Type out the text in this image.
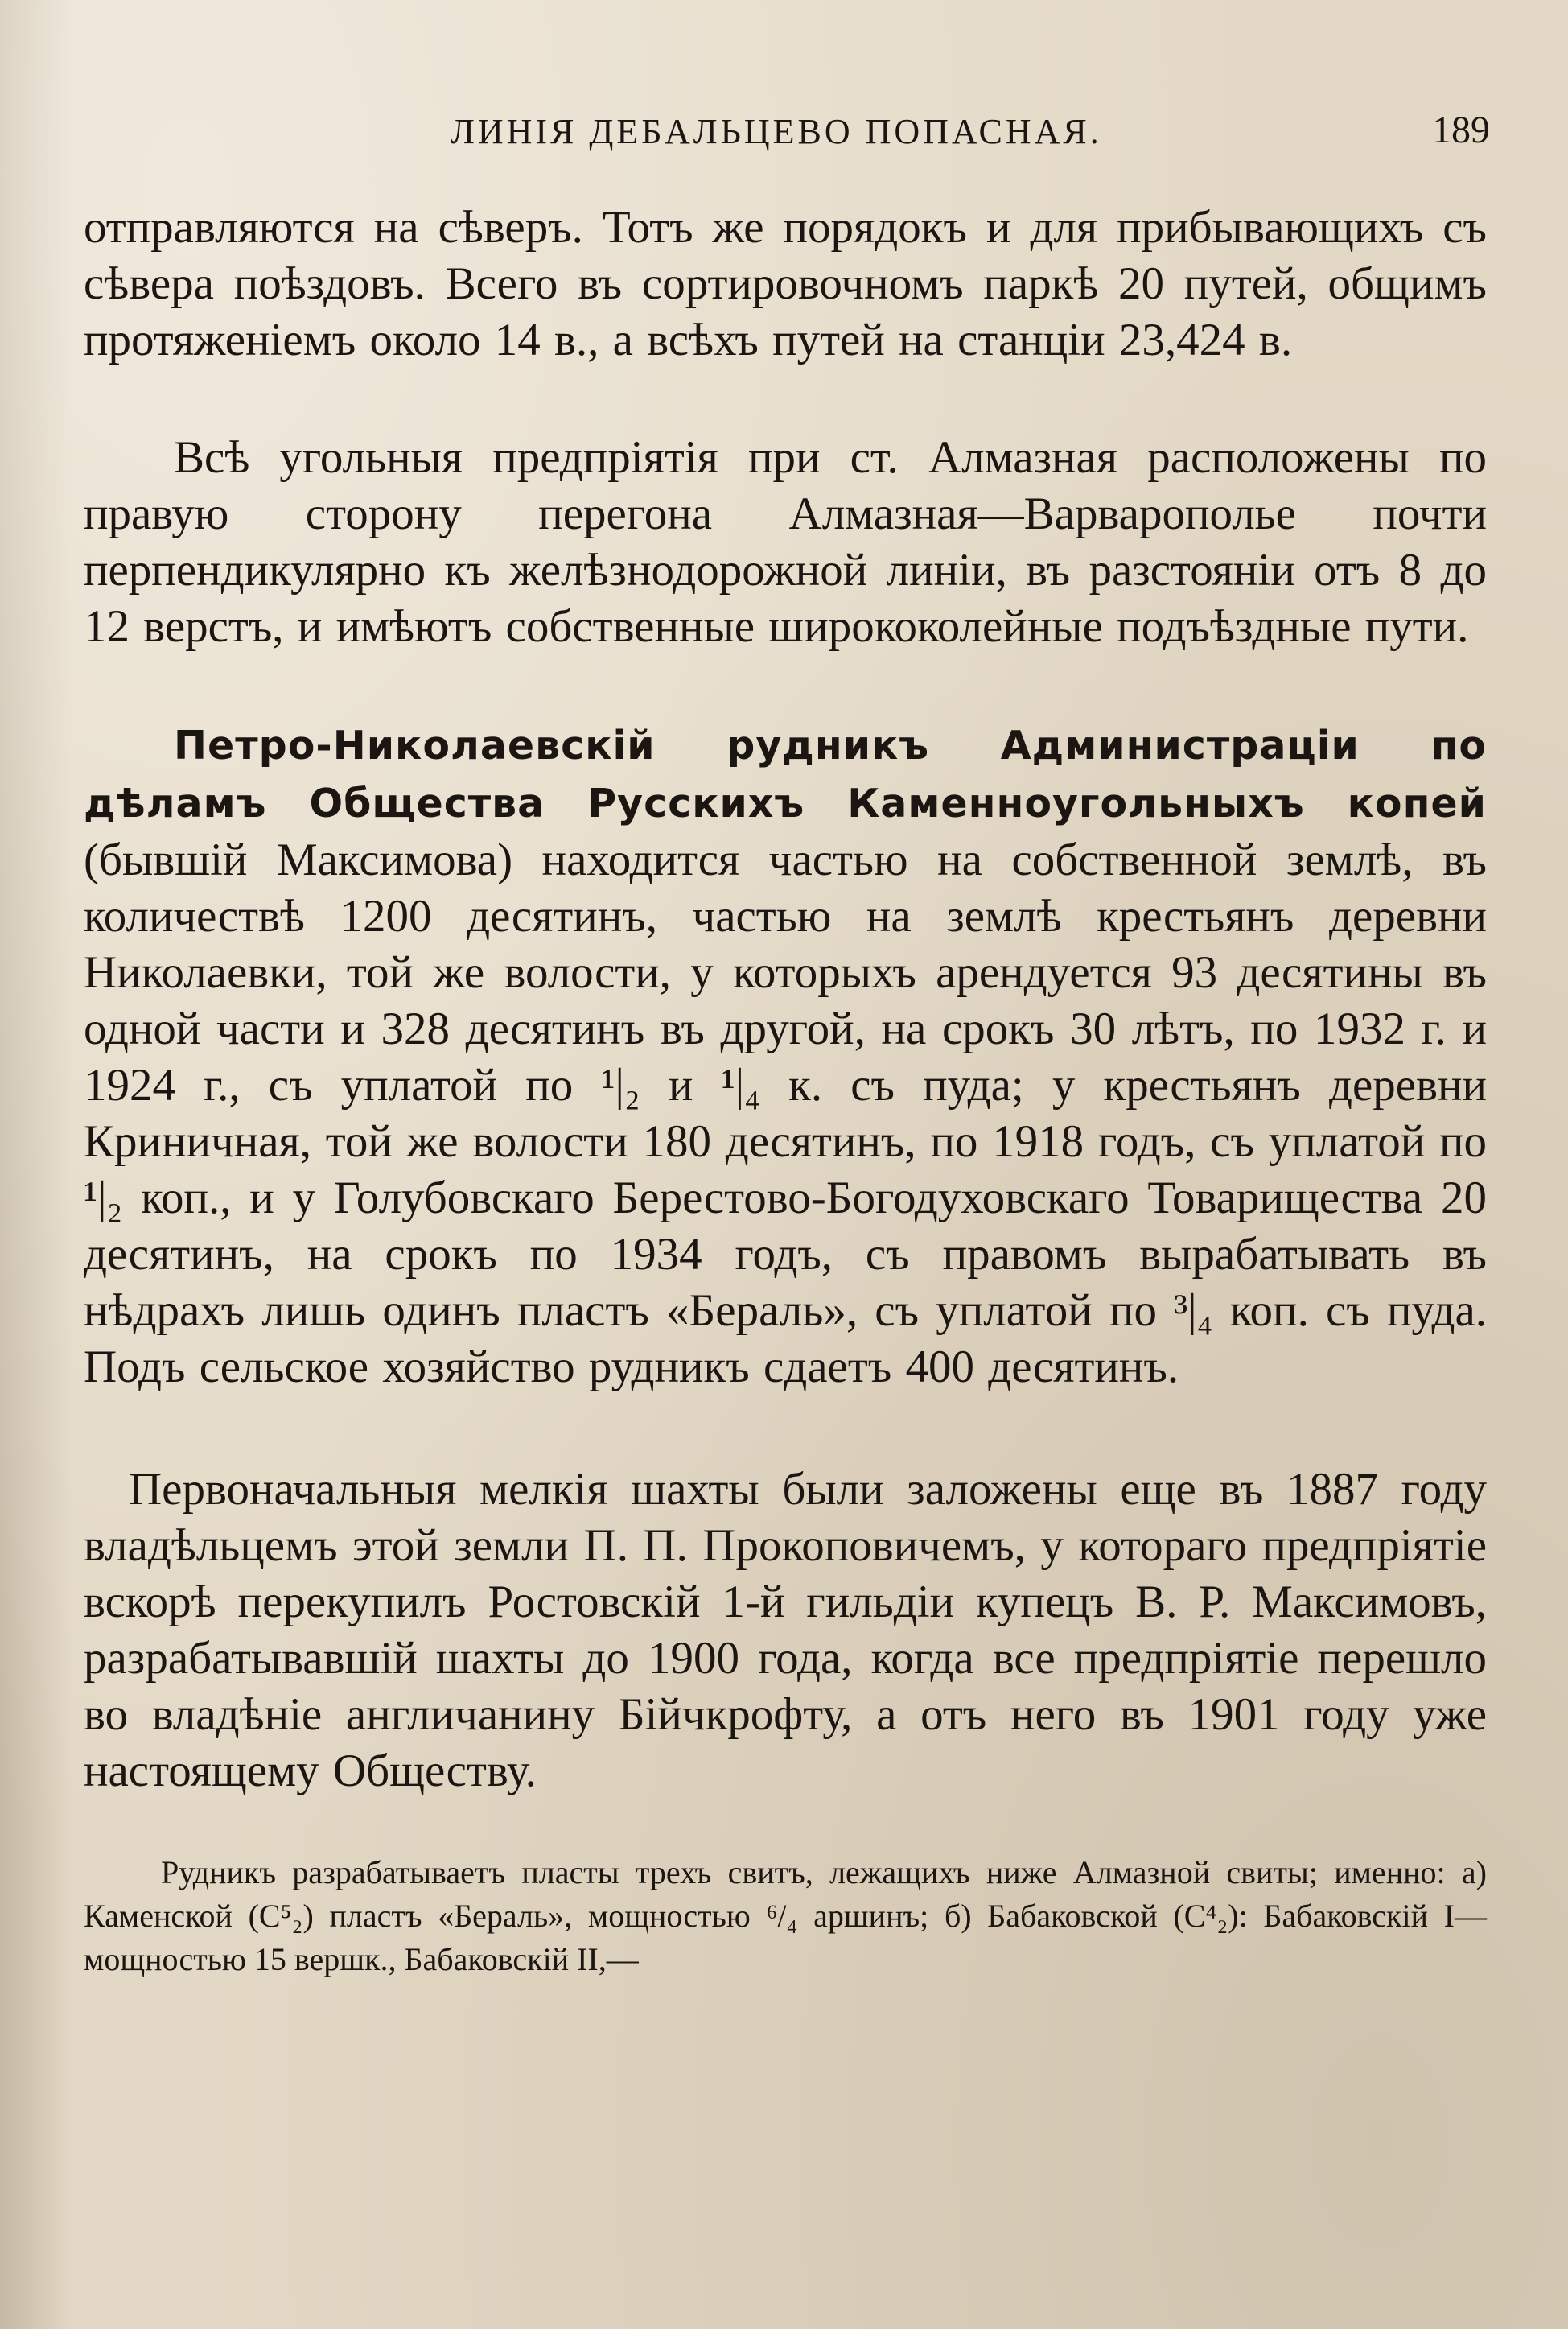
ЛИНІЯ ДЕБАЛЬЦЕВО ПОПАСНАЯ.	189

отправляются на сѣверъ. Тотъ же порядокъ и для прибывающихъ съ сѣвера поѣздовъ. Всего въ сортировочномъ паркѣ 20 путей, общимъ протяженіемъ около 14 в., а всѣхъ путей на станціи 23,424 в.

Всѣ угольныя предпріятія при ст. Алмазная расположены по правую сторону перегона Алмазная—Варварополье почти перпендикулярно къ желѣзнодорожной линіи, въ разстояніи отъ 8 до 12 верстъ, и имѣютъ собственные ширококолейные подъѣздные пути.

Петро-Николаевскій рудникъ Администраціи по дѣламъ Общества Русскихъ Каменноугольныхъ копей (бывшій Максимова) находится частью на собственной землѣ, въ количествѣ 1200 десятинъ, частью на землѣ крестьянъ деревни Николаевки, той же волости, у которыхъ арендуется 93 десятины въ одной части и 328 десятинъ въ другой, на срокъ 30 лѣтъ, по 1932 г. и 1924 г., съ уплатой по ¹|₂ и ¹|₄ к. съ пуда; у крестьянъ деревни Криничная, той же волости 180 десятинъ, по 1918 годъ, съ уплатой по ¹|₂ коп., и у Голубовскаго Берестово-Богодуховскаго Товарищества 20 десятинъ, на срокъ по 1934 годъ, съ правомъ вырабатывать въ нѣдрахъ лишь одинъ пластъ «Бераль», съ уплатой по ³|₄ коп. съ пуда. Подъ сельское хозяйство рудникъ сдаетъ 400 десятинъ.

Первоначальныя мелкія шахты были заложены еще въ 1887 году владѣльцемъ этой земли П. П. Прокоповичемъ, у котораго предпріятіе вскорѣ перекупилъ Ростовскій 1-й гильдіи купецъ В. Р. Максимовъ, разрабатывавшій шахты до 1900 года, когда все предпріятіе перешло во владѣніе англичанину Бійчкрофту, а отъ него въ 1901 году уже настоящему Обществу.

Рудникъ разрабатываетъ пласты трехъ свитъ, лежащихъ ниже Алмазной свиты; именно: а) Каменской (С⁵₂) пластъ «Бераль», мощностью ⁶/₄ аршинъ; б) Бабаковской (С⁴₂): Бабаковскій I—мощностью 15 вершк., Бабаковскій II,—
